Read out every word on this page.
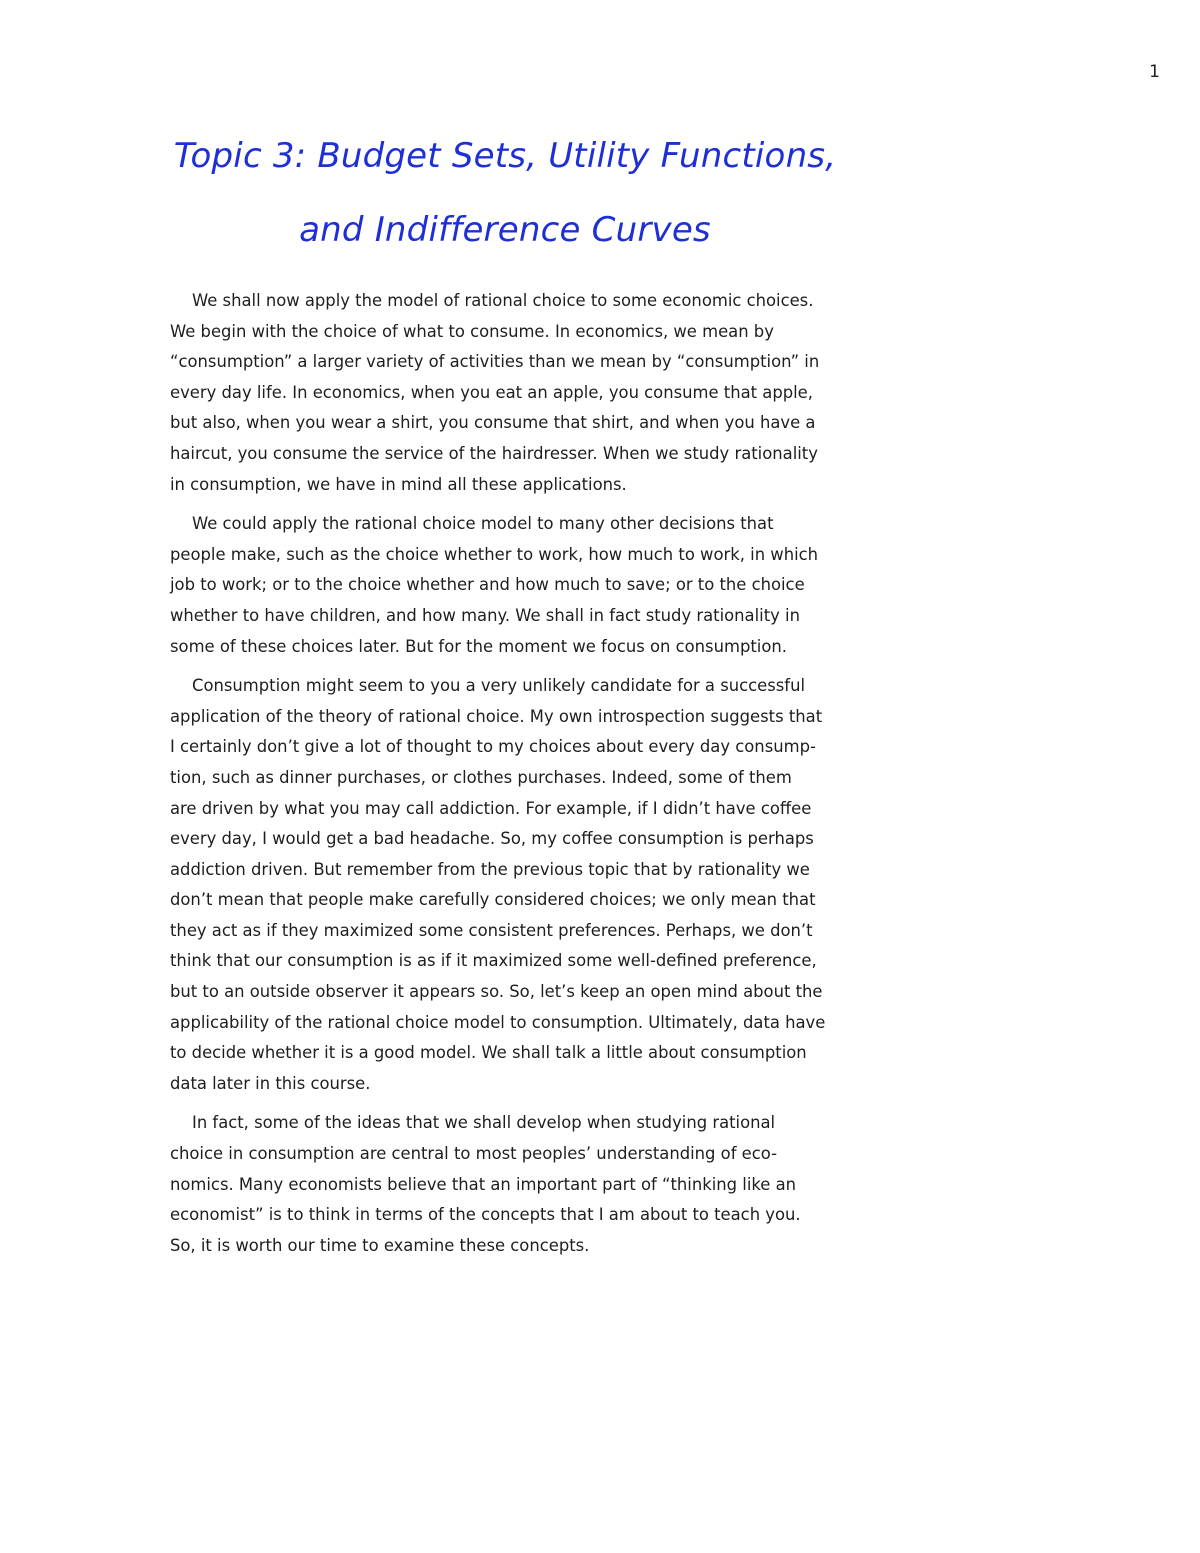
1
Topic 3: Budget Sets, Utility Functions,
and Indifference Curves
We shall now apply the model of rational choice to some economic choices.
We begin with the choice of what to consume. In economics, we mean by
“consumption” a larger variety of activities than we mean by “consumption” in
every day life. In economics, when you eat an apple, you consume that apple,
but also, when you wear a shirt, you consume that shirt, and when you have a
haircut, you consume the service of the hairdresser. When we study rationality
in consumption, we have in mind all these applications.
We could apply the rational choice model to many other decisions that
people make, such as the choice whether to work, how much to work, in which
job to work; or to the choice whether and how much to save; or to the choice
whether to have children, and how many. We shall in fact study rationality in
some of these choices later. But for the moment we focus on consumption.
Consumption might seem to you a very unlikely candidate for a successful
application of the theory of rational choice. My own introspection suggests that
I certainly don’t give a lot of thought to my choices about every day consump-
tion, such as dinner purchases, or clothes purchases. Indeed, some of them
are driven by what you may call addiction. For example, if I didn’t have coffee
every day, I would get a bad headache. So, my coffee consumption is perhaps
addiction driven. But remember from the previous topic that by rationality we
don’t mean that people make carefully considered choices; we only mean that
they act as if they maximized some consistent preferences. Perhaps, we don’t
think that our consumption is as if it maximized some well-defined preference,
but to an outside observer it appears so. So, let’s keep an open mind about the
applicability of the rational choice model to consumption. Ultimately, data have
to decide whether it is a good model. We shall talk a little about consumption
data later in this course.
In fact, some of the ideas that we shall develop when studying rational
choice in consumption are central to most peoples’ understanding of eco-
nomics. Many economists believe that an important part of “thinking like an
economist” is to think in terms of the concepts that I am about to teach you.
So, it is worth our time to examine these concepts.
